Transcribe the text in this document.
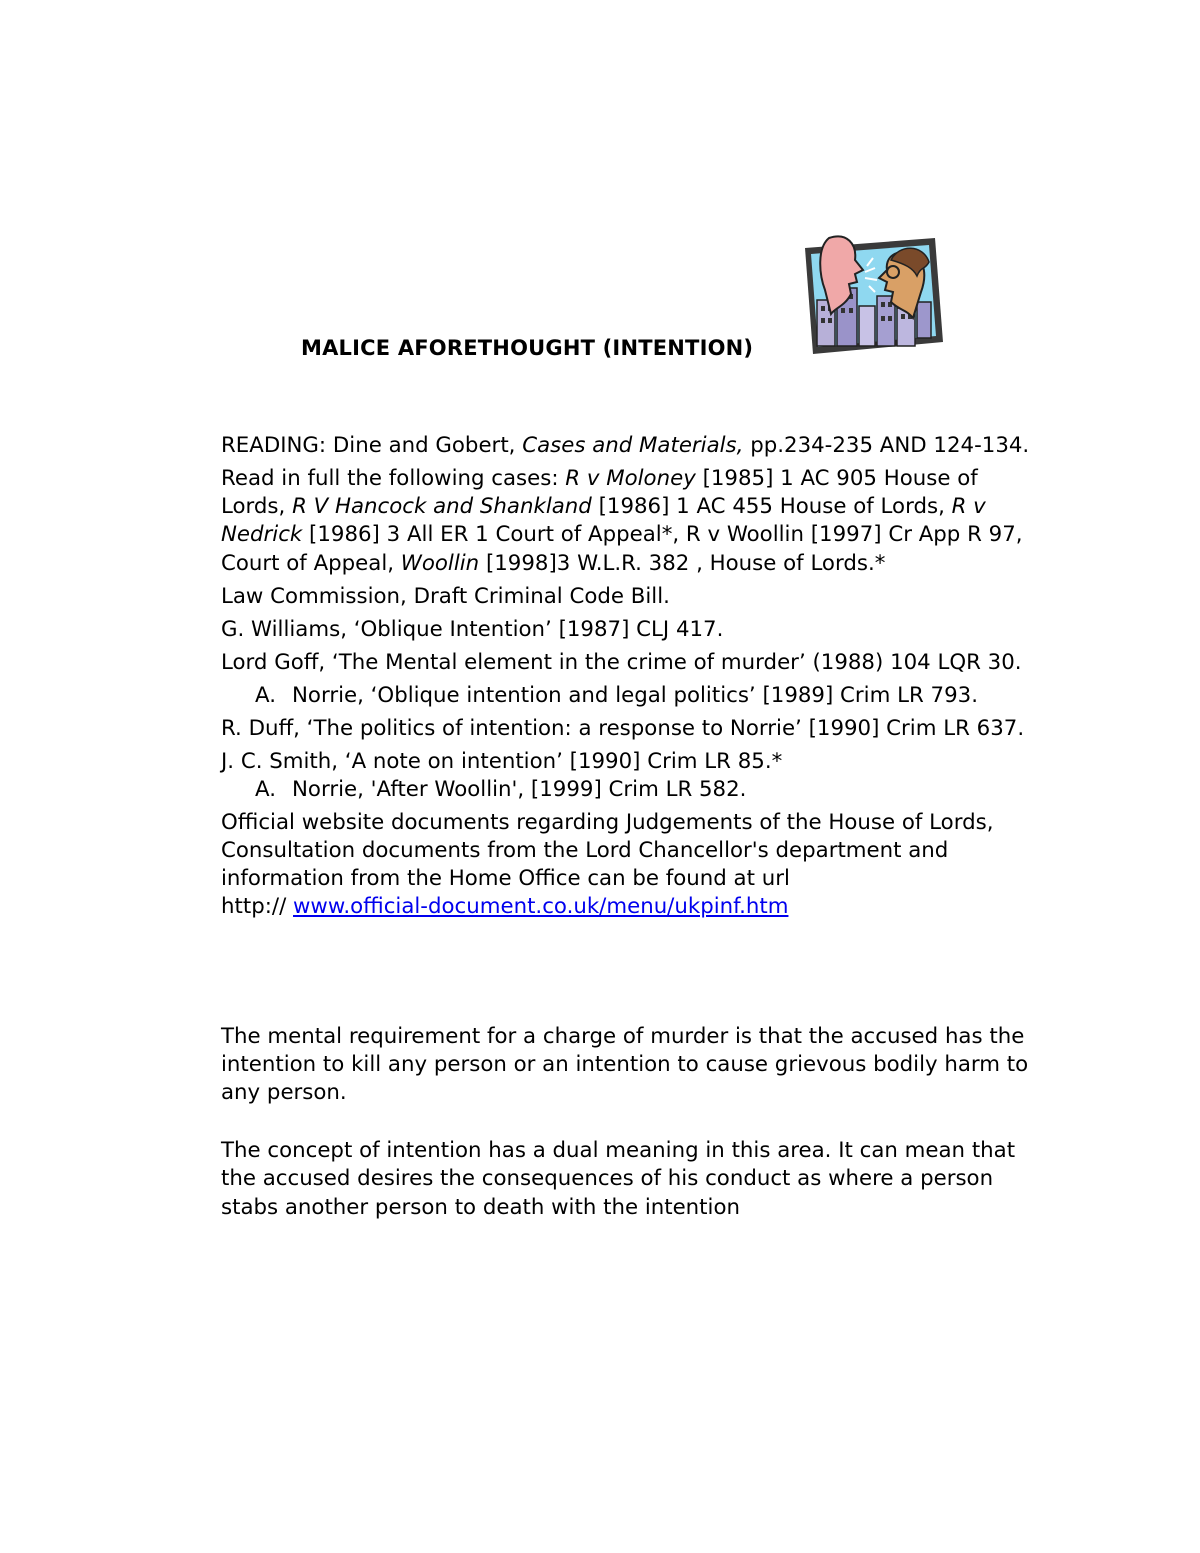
MALICE AFORETHOUGHT (INTENTION)

READING: Dine and Gobert, Cases and Materials, pp.234-235 AND 124-134.

Read in full the following cases: R v Moloney [1985] 1 AC 905 House of Lords, R V Hancock and Shankland [1986] 1 AC 455 House of Lords, R v Nedrick [1986] 3 All ER 1 Court of Appeal*, R v Woollin [1997] Cr App R 97, Court of Appeal, Woollin [1998]3 W.L.R. 382 , House of Lords.*

Law Commission, Draft Criminal Code Bill.

G. Williams, ‘Oblique Intention’ [1987] CLJ 417.

Lord Goff, ‘The Mental element in the crime of murder’ (1988) 104 LQR 30.

A. Norrie, ‘Oblique intention and legal politics’ [1989] Crim LR 793.

R. Duff, ‘The politics of intention: a response to Norrie’ [1990] Crim LR 637.

J. C. Smith, ‘A note on intention’ [1990] Crim LR 85.*

A. Norrie, 'After Woollin', [1999] Crim LR 582.

Official website documents regarding Judgements of the House of Lords, Consultation documents from the Lord Chancellor's department and information from the Home Office can be found at url

http:// www.official-document.co.uk/menu/ukpinf.htm

The mental requirement for a charge of murder is that the accused has the intention to kill any person or an intention to cause grievous bodily harm to any person.

The concept of intention has a dual meaning in this area. It can mean that the accused desires the consequences of his conduct as where a person stabs another person to death with the intention
